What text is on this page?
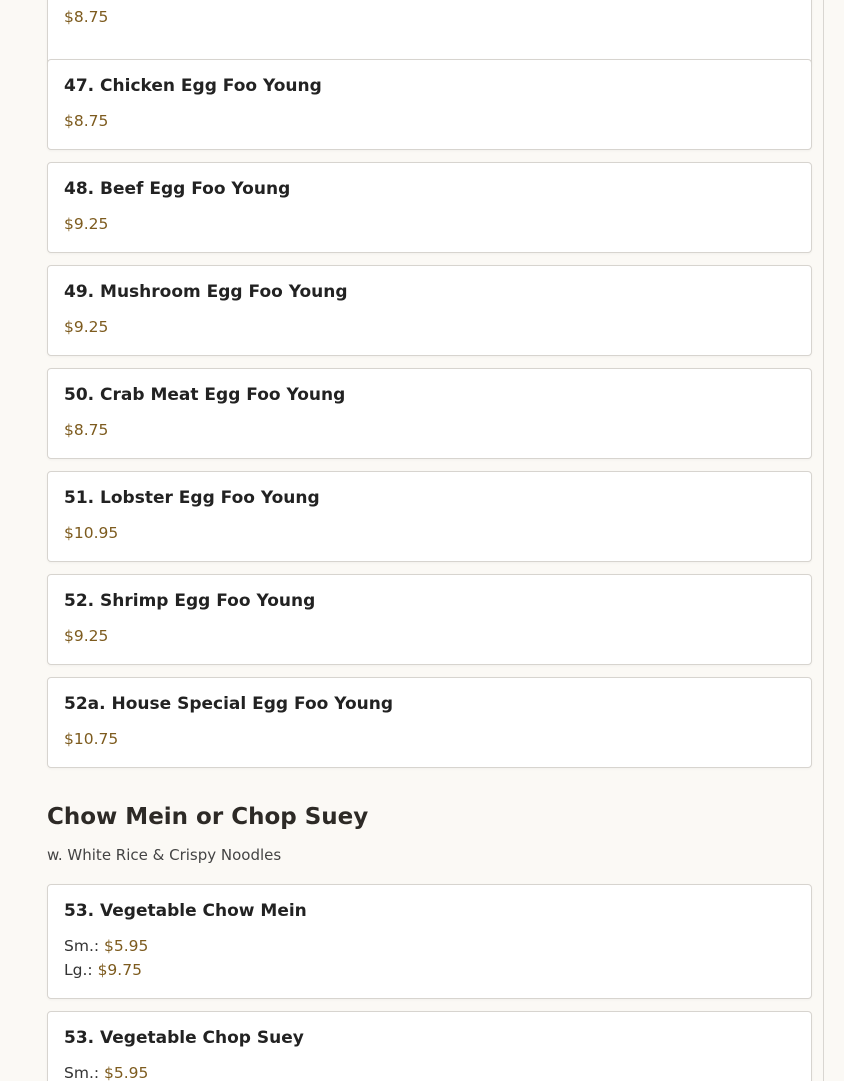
$8.75
47. Chicken Egg Foo Young
$8.75
48. Beef Egg Foo Young
$9.25
49. Mushroom Egg Foo Young
$9.25
50. Crab Meat Egg Foo Young
$8.75
51. Lobster Egg Foo Young
$10.95
52. Shrimp Egg Foo Young
$9.25
52a. House Special Egg Foo Young
$10.75
Chow Mein or Chop Suey

w. White Rice & Crispy Noodles

53. Vegetable Chow Mein
Sm.: $5.95
Lg.: $9.75
53. Vegetable Chop Suey
Sm.: $5.95
